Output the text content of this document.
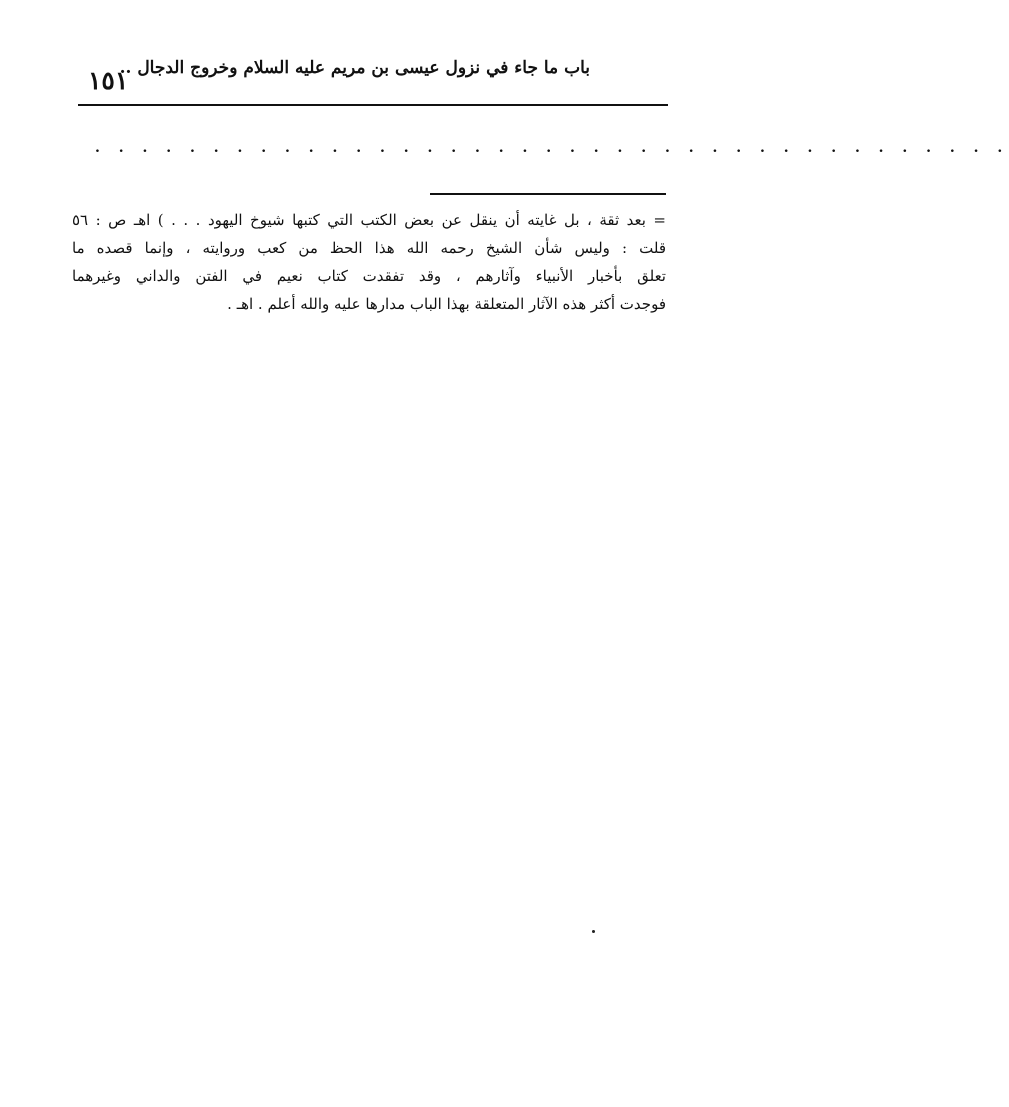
باب ما جاء في نزول عيسى بن مريم عليه السلام وخروج الدجال ..
١٥١
. . . . . . . . . . . . . . . . . . . . . . . . . . . . . . . . . . . . . . .
= بعد ثقة ، بل غايته أن ينقل عن بعض الكتب التي كتبها شيوخ اليهود . . . ) اهـ ص : ٥٦
قلت : وليس شأن الشيخ رحمه الله هذا الحظ من كعب وروايته ، وإنما قصده ما
تعلق بأخبار الأنبياء وآثارهم ، وقد تفقدت كتاب نعيم في الفتن والداني وغيرهما
فوجدت أكثر هذه الآثار المتعلقة بهذا الباب مدارها عليه والله أعلم . اهـ .
